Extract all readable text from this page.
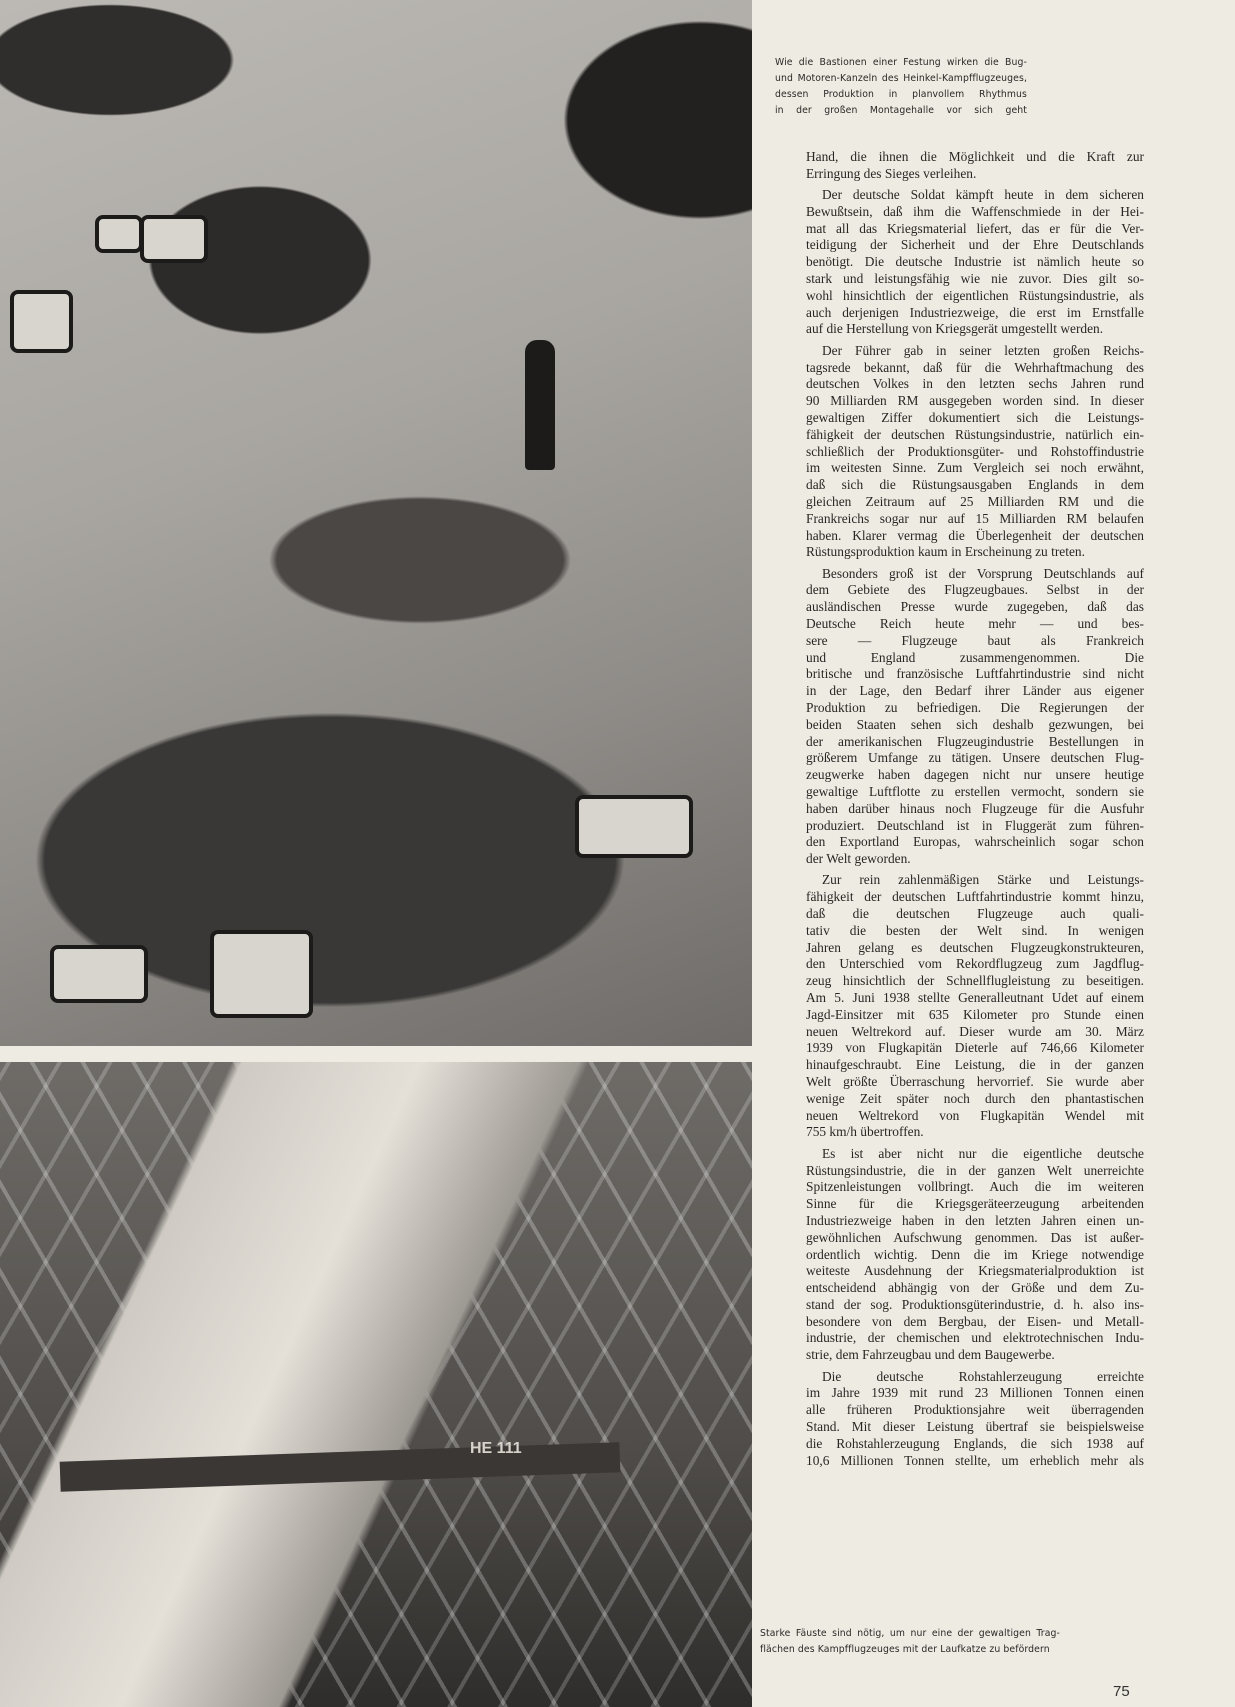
HE 111
Wie die Bastionen einer Festung wirken die Bug-
und Motoren-Kanzeln des Heinkel-Kampfflugzeuges,
dessen Produktion in planvollem Rhythmus
in der großen Montagehalle vor sich geht
Hand, die ihnen die Möglichkeit und die Kraft zur
Erringung des Sieges verleihen.
Der deutsche Soldat kämpft heute in dem sicheren
Bewußtsein, daß ihm die Waffenschmiede in der Hei-
mat all das Kriegsmaterial liefert, das er für die Ver-
teidigung der Sicherheit und der Ehre Deutschlands
benötigt. Die deutsche Industrie ist nämlich heute so
stark und leistungsfähig wie nie zuvor. Dies gilt so-
wohl hinsichtlich der eigentlichen Rüstungsindustrie, als
auch derjenigen Industriezweige, die erst im Ernstfalle
auf die Herstellung von Kriegsgerät umgestellt werden.
Der Führer gab in seiner letzten großen Reichs-
tagsrede bekannt, daß für die Wehrhaftmachung des
deutschen Volkes in den letzten sechs Jahren rund
90 Milliarden RM ausgegeben worden sind. In dieser
gewaltigen Ziffer dokumentiert sich die Leistungs-
fähigkeit der deutschen Rüstungsindustrie, natürlich ein-
schließlich der Produktionsgüter- und Rohstoffindustrie
im weitesten Sinne. Zum Vergleich sei noch erwähnt,
daß sich die Rüstungsausgaben Englands in dem
gleichen Zeitraum auf 25 Milliarden RM und die
Frankreichs sogar nur auf 15 Milliarden RM belaufen
haben. Klarer vermag die Überlegenheit der deutschen
Rüstungsproduktion kaum in Erscheinung zu treten.
Besonders groß ist der Vorsprung Deutschlands auf
dem Gebiete des Flugzeugbaues. Selbst in der
ausländischen Presse wurde zugegeben, daß das
Deutsche Reich heute mehr — und bes-
sere — Flugzeuge baut als Frankreich
und England zusammengenommen. Die
britische und französische Luftfahrtindustrie sind nicht
in der Lage, den Bedarf ihrer Länder aus eigener
Produktion zu befriedigen. Die Regierungen der
beiden Staaten sehen sich deshalb gezwungen, bei
der amerikanischen Flugzeugindustrie Bestellungen in
größerem Umfange zu tätigen. Unsere deutschen Flug-
zeugwerke haben dagegen nicht nur unsere heutige
gewaltige Luftflotte zu erstellen vermocht, sondern sie
haben darüber hinaus noch Flugzeuge für die Ausfuhr
produziert. Deutschland ist in Fluggerät zum führen-
den Exportland Europas, wahrscheinlich sogar schon
der Welt geworden.
Zur rein zahlenmäßigen Stärke und Leistungs-
fähigkeit der deutschen Luftfahrtindustrie kommt hinzu,
daß die deutschen Flugzeuge auch quali-
tativ die besten der Welt sind. In wenigen
Jahren gelang es deutschen Flugzeugkonstrukteuren,
den Unterschied vom Rekordflugzeug zum Jagdflug-
zeug hinsichtlich der Schnellflugleistung zu beseitigen.
Am 5. Juni 1938 stellte Generalleutnant Udet auf einem
Jagd-Einsitzer mit 635 Kilometer pro Stunde einen
neuen Weltrekord auf. Dieser wurde am 30. März
1939 von Flugkapitän Dieterle auf 746,66 Kilometer
hinaufgeschraubt. Eine Leistung, die in der ganzen
Welt größte Überraschung hervorrief. Sie wurde aber
wenige Zeit später noch durch den phantastischen
neuen Weltrekord von Flugkapitän Wendel mit
755 km/h übertroffen.
Es ist aber nicht nur die eigentliche deutsche
Rüstungsindustrie, die in der ganzen Welt unerreichte
Spitzenleistungen vollbringt. Auch die im weiteren
Sinne für die Kriegsgeräteerzeugung arbeitenden
Industriezweige haben in den letzten Jahren einen un-
gewöhnlichen Aufschwung genommen. Das ist außer-
ordentlich wichtig. Denn die im Kriege notwendige
weiteste Ausdehnung der Kriegsmaterialproduktion ist
entscheidend abhängig von der Größe und dem Zu-
stand der sog. Produktionsgüterindustrie, d. h. also ins-
besondere von dem Bergbau, der Eisen- und Metall-
industrie, der chemischen und elektrotechnischen Indu-
strie, dem Fahrzeugbau und dem Baugewerbe.
Die deutsche Rohstahlerzeugung erreichte
im Jahre 1939 mit rund 23 Millionen Tonnen einen
alle früheren Produktionsjahre weit überragenden
Stand. Mit dieser Leistung übertraf sie beispielsweise
die Rohstahlerzeugung Englands, die sich 1938 auf
10,6 Millionen Tonnen stellte, um erheblich mehr als
Starke Fäuste sind nötig, um nur eine der gewaltigen Trag-
flächen des Kampfflugzeuges mit der Laufkatze zu befördern
75
